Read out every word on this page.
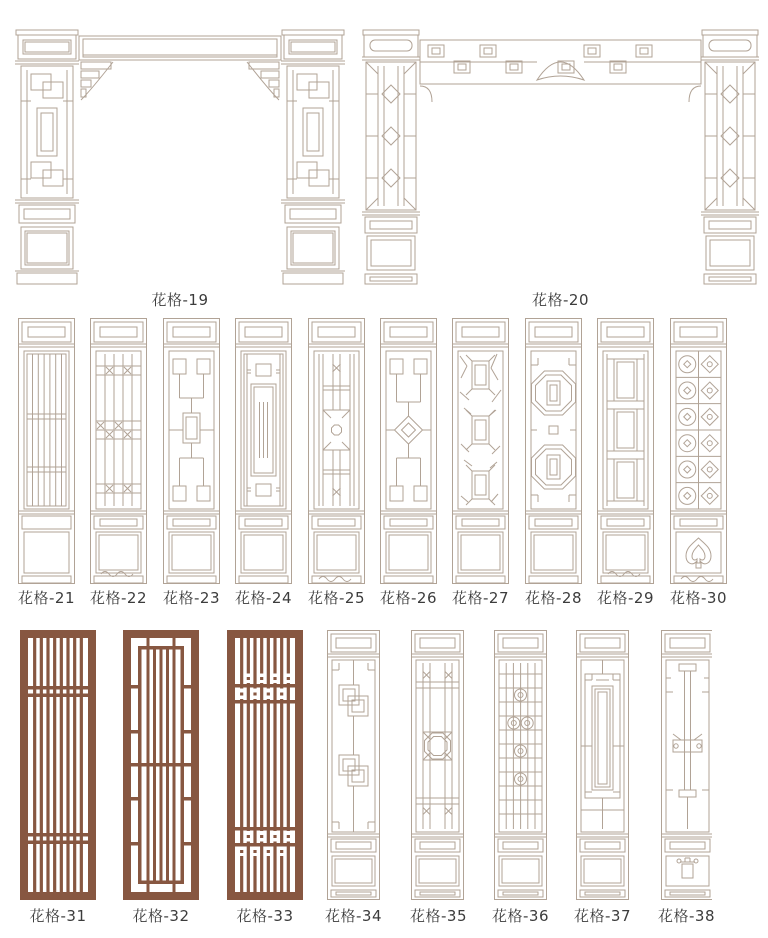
花格-19	花格-20
花格-21	花格-22	花格-23	花格-24	花格-25	花格-26	花格-27	花格-28	花格-29	花格-30
花格-31	花格-32	花格-33	花格-34	花格-35	花格-36	花格-37	花格-38
